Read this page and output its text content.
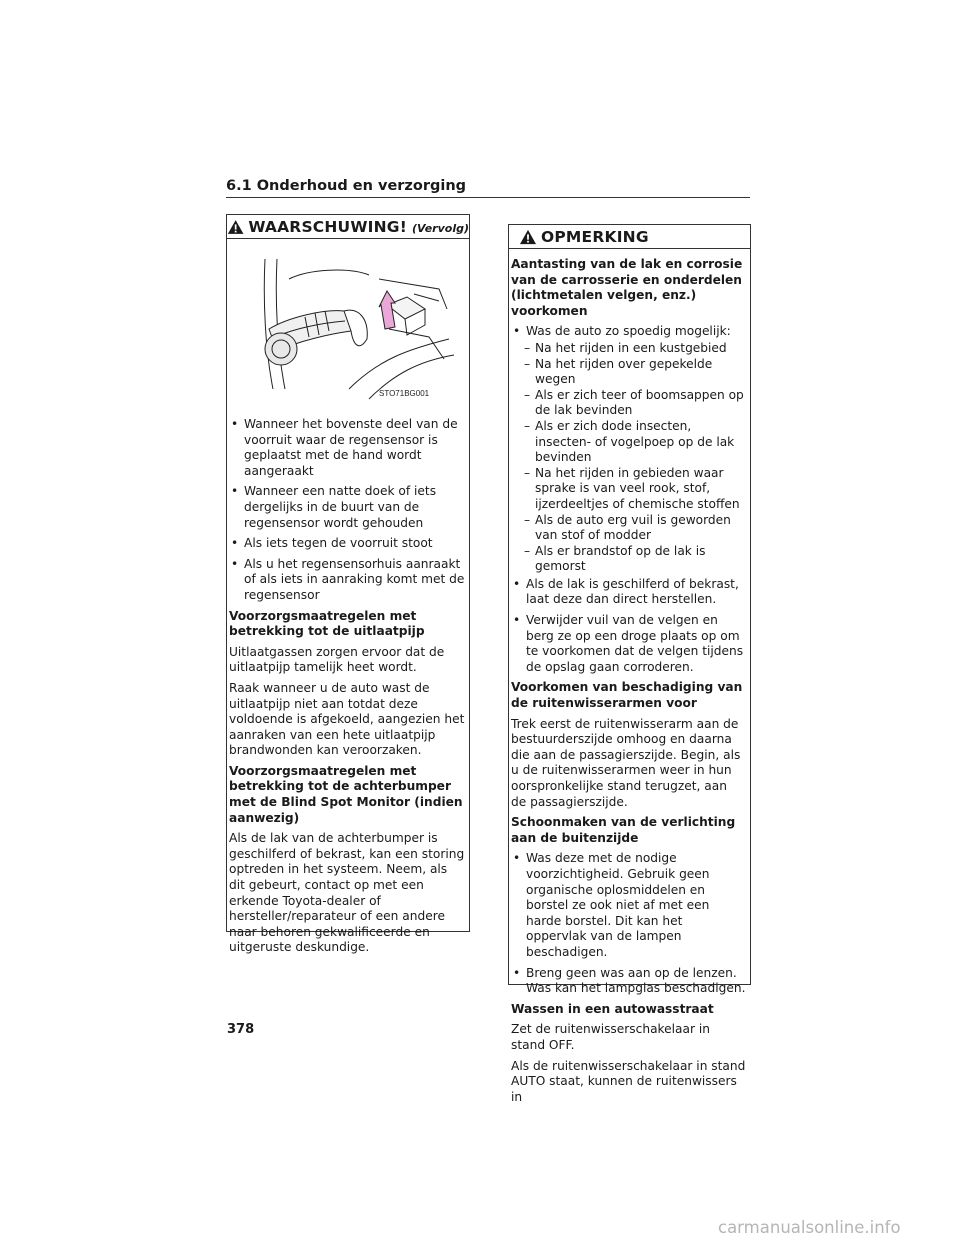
6.1 Onderhoud en verzorging
WAARSCHUWING! (Vervolg)
STO71BG001
• Wanneer het bovenste deel van de voorruit waar de regensensor is geplaatst met de hand wordt aangeraakt
• Wanneer een natte doek of iets dergelijks in de buurt van de regensensor wordt gehouden
• Als iets tegen de voorruit stoot
• Als u het regensensorhuis aanraakt of als iets in aanraking komt met de regensensor
Voorzorgsmaatregelen met betrekking tot de uitlaatpijp
Uitlaatgassen zorgen ervoor dat de uitlaatpijp tamelijk heet wordt.
Raak wanneer u de auto wast de uitlaatpijp niet aan totdat deze voldoende is afgekoeld, aangezien het aanraken van een hete uitlaatpijp brandwonden kan veroorzaken.
Voorzorgsmaatregelen met betrekking tot de achterbumper met de Blind Spot Monitor (indien aanwezig)
Als de lak van de achterbumper is geschilferd of bekrast, kan een storing optreden in het systeem. Neem, als dit gebeurt, contact op met een erkende Toyota-dealer of hersteller/reparateur of een andere naar behoren gekwalificeerde en uitgeruste deskundige.
OPMERKING
Aantasting van de lak en corrosie van de carrosserie en onderdelen (lichtmetalen velgen, enz.) voorkomen
• Was de auto zo spoedig mogelijk:
– Na het rijden in een kustgebied
– Na het rijden over gepekelde wegen
– Als er zich teer of boomsappen op de lak bevinden
– Als er zich dode insecten, insecten- of vogelpoep op de lak bevinden
– Na het rijden in gebieden waar sprake is van veel rook, stof, ijzerdeeltjes of chemische stoffen
– Als de auto erg vuil is geworden van stof of modder
– Als er brandstof op de lak is gemorst
• Als de lak is geschilferd of bekrast, laat deze dan direct herstellen.
• Verwijder vuil van de velgen en berg ze op een droge plaats op om te voorkomen dat de velgen tijdens de opslag gaan corroderen.
Voorkomen van beschadiging van de ruitenwisserarmen voor
Trek eerst de ruitenwisserarm aan de bestuurderszijde omhoog en daarna die aan de passagierszijde. Begin, als u de ruitenwisserarmen weer in hun oorspronkelijke stand terugzet, aan de passagierszijde.
Schoonmaken van de verlichting aan de buitenzijde
• Was deze met de nodige voorzichtigheid. Gebruik geen organische oplosmiddelen en borstel ze ook niet af met een harde borstel. Dit kan het oppervlak van de lampen beschadigen.
• Breng geen was aan op de lenzen. Was kan het lampglas beschadigen.
Wassen in een autowasstraat
Zet de ruitenwisserschakelaar in stand OFF.
Als de ruitenwisserschakelaar in stand AUTO staat, kunnen de ruitenwissers in
378
carmanualsonline.info
